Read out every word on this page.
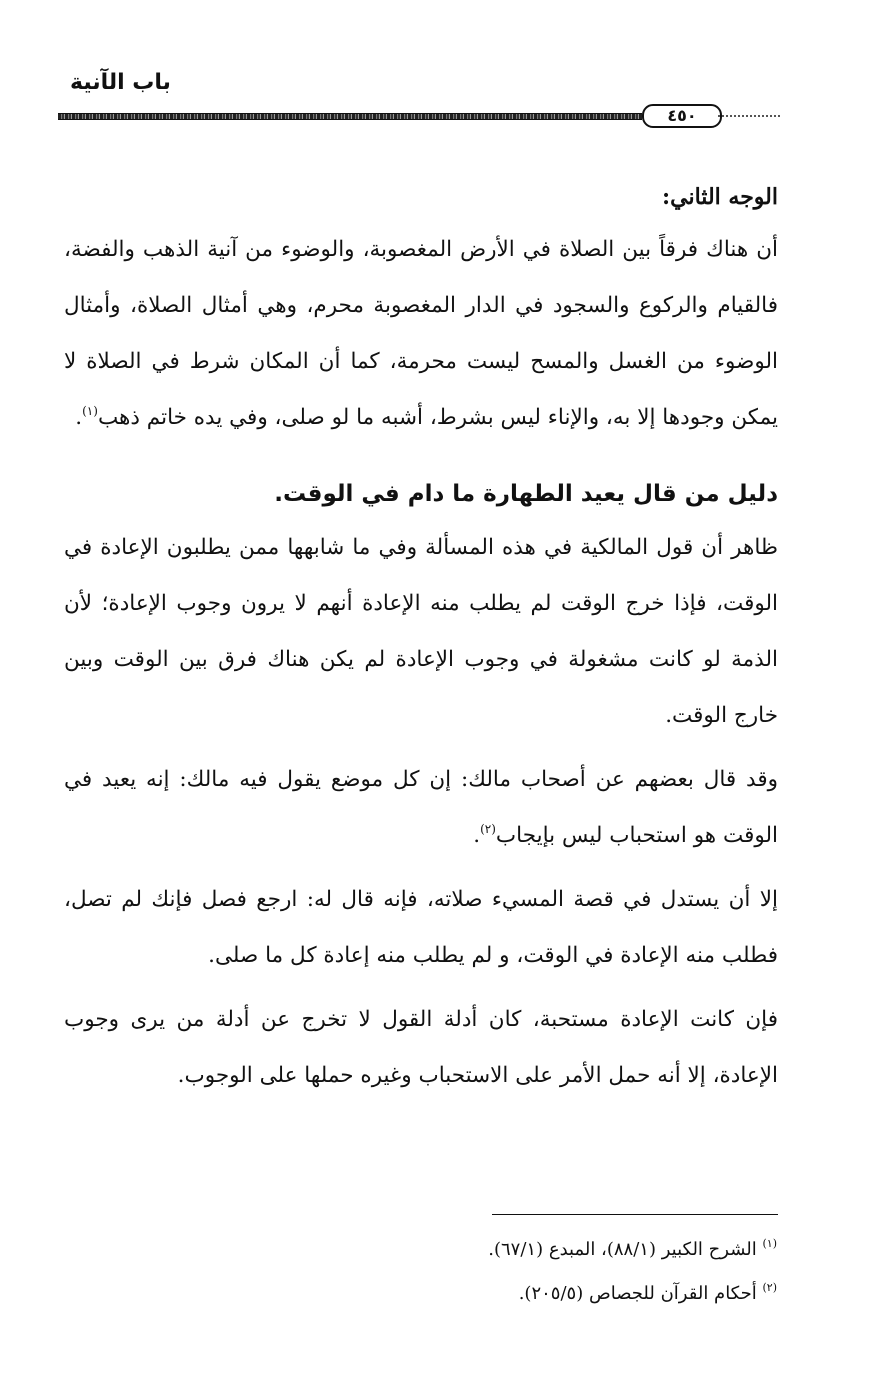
باب الآنية
٤٥٠

الوجه الثاني:

أن هناك فرقاً بين الصلاة في الأرض المغصوبة، والوضوء من آنية الذهب والفضة، فالقيام والركوع والسجود في الدار المغصوبة محرم، وهي أمثال الصلاة، وأمثال الوضوء من الغسل والمسح ليست محرمة، كما أن المكان شرط في الصلاة لا يمكن وجودها إلا به، والإناء ليس بشرط، أشبه ما لو صلى، وفي يده خاتم ذهب$^{(١)}$.

دليل من قال يعيد الطهارة ما دام في الوقت.

ظاهر أن قول المالكية في هذه المسألة وفي ما شابهها ممن يطلبون الإعادة في الوقت، فإذا خرج الوقت لم يطلب منه الإعادة أنهم لا يرون وجوب الإعادة؛ لأن الذمة لو كانت مشغولة في وجوب الإعادة لم يكن هناك فرق بين الوقت وبين خارج الوقت.

وقد قال بعضهم عن أصحاب مالك: إن كل موضع يقول فيه مالك: إنه يعيد في الوقت هو استحباب ليس بإيجاب$^{(٢)}$.

إلا أن يستدل في قصة المسيء صلاته، فإنه قال له: ارجع فصل فإنك لم تصل، فطلب منه الإعادة في الوقت، و لم يطلب منه إعادة كل ما صلى.

فإن كانت الإعادة مستحبة، كان أدلة القول لا تخرج عن أدلة من يرى وجوب الإعادة، إلا أنه حمل الأمر على الاستحباب وغيره حملها على الوجوب.

$^{(١)}$ الشرح الكبير (٨٨/١)، المبدع (٦٧/١).

$^{(٢)}$ أحكام القرآن للجصاص (٢٠٥/٥).
